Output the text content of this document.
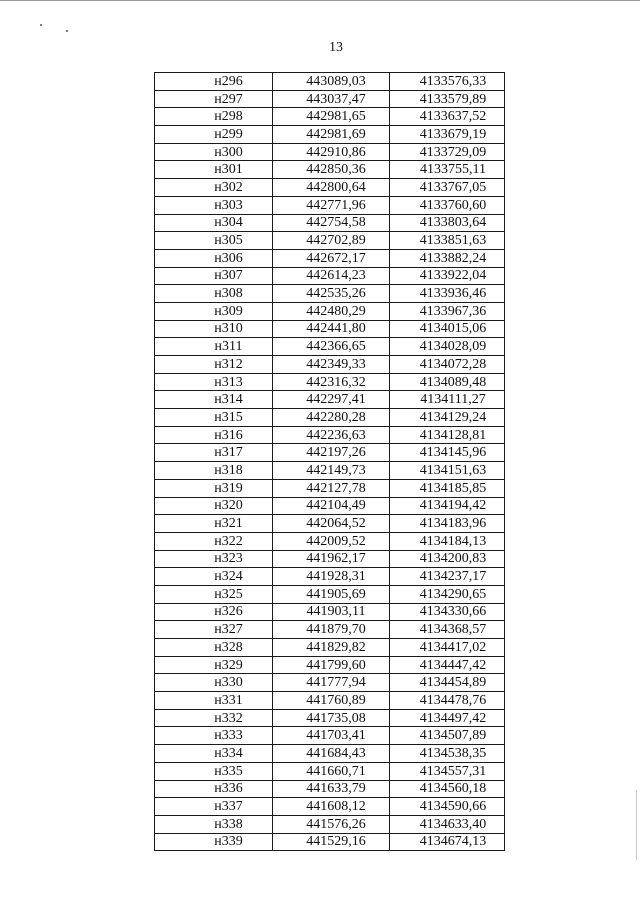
13
н296	443089,03	4133576,33
н297	443037,47	4133579,89
н298	442981,65	4133637,52
н299	442981,69	4133679,19
н300	442910,86	4133729,09
н301	442850,36	4133755,11
н302	442800,64	4133767,05
н303	442771,96	4133760,60
н304	442754,58	4133803,64
н305	442702,89	4133851,63
н306	442672,17	4133882,24
н307	442614,23	4133922,04
н308	442535,26	4133936,46
н309	442480,29	4133967,36
н310	442441,80	4134015,06
н311	442366,65	4134028,09
н312	442349,33	4134072,28
н313	442316,32	4134089,48
н314	442297,41	4134111,27
н315	442280,28	4134129,24
н316	442236,63	4134128,81
н317	442197,26	4134145,96
н318	442149,73	4134151,63
н319	442127,78	4134185,85
н320	442104,49	4134194,42
н321	442064,52	4134183,96
н322	442009,52	4134184,13
н323	441962,17	4134200,83
н324	441928,31	4134237,17
н325	441905,69	4134290,65
н326	441903,11	4134330,66
н327	441879,70	4134368,57
н328	441829,82	4134417,02
н329	441799,60	4134447,42
н330	441777,94	4134454,89
н331	441760,89	4134478,76
н332	441735,08	4134497,42
н333	441703,41	4134507,89
н334	441684,43	4134538,35
н335	441660,71	4134557,31
н336	441633,79	4134560,18
н337	441608,12	4134590,66
н338	441576,26	4134633,40
н339	441529,16	4134674,13
